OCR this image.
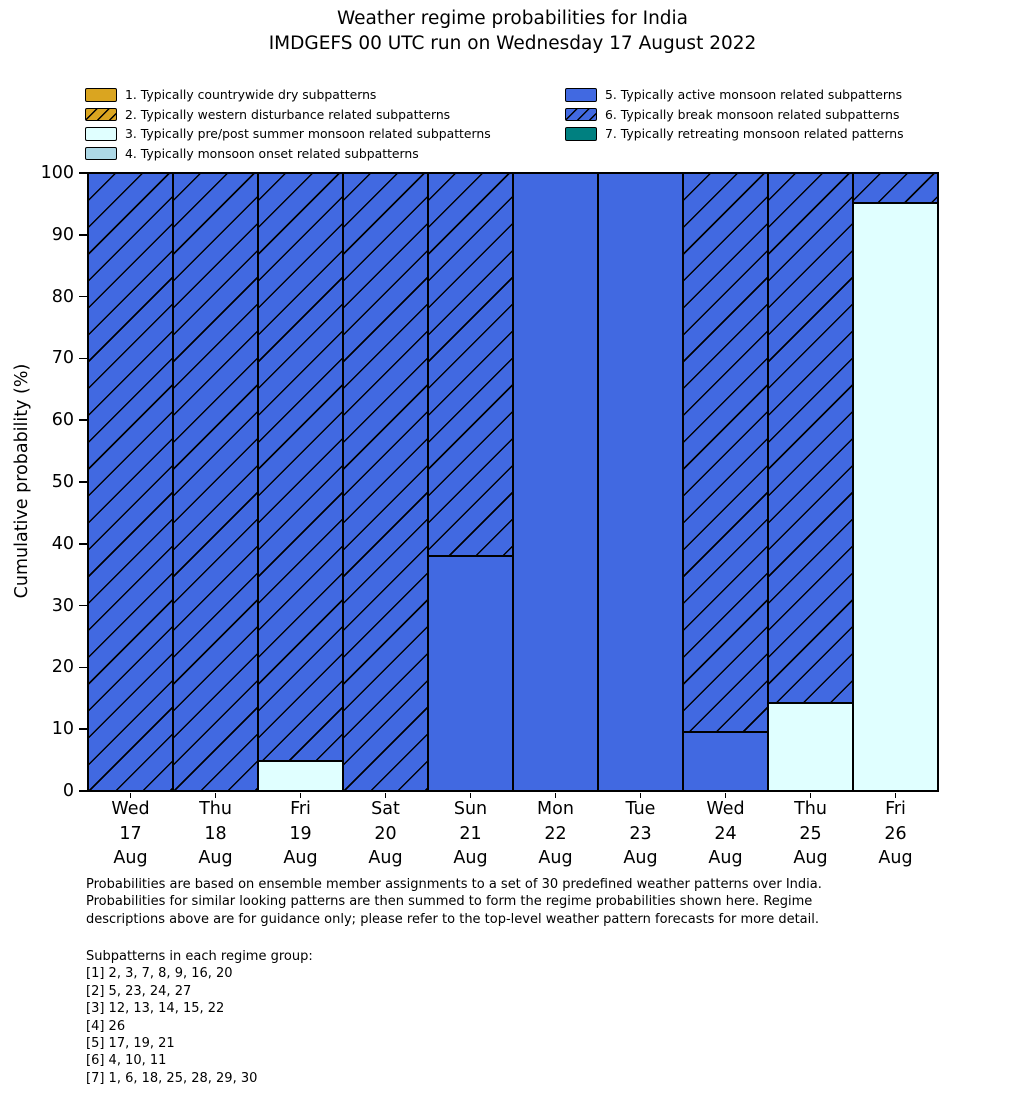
Weather regime probabilities for India
IMDGEFS 00 UTC run on Wednesday 17 August 2022
1. Typically countrywide dry subpatterns
2. Typically western disturbance related subpatterns
3. Typically pre/post summer monsoon related subpatterns
4. Typically monsoon onset related subpatterns
5. Typically active monsoon related subpatterns
6. Typically break monsoon related subpatterns
7. Typically retreating monsoon related patterns
Cumulative probability (%)
Wed
17
Aug
Thu
18
Aug
Fri
19
Aug
Sat
20
Aug
Sun
21
Aug
Mon
22
Aug
Tue
23
Aug
Wed
24
Aug
Thu
25
Aug
Fri
26
Aug
0
10
20
30
40
50
60
70
80
90
100
Probabilities are based on ensemble member assignments to a set of 30 predefined weather patterns over India.
Probabilities for similar looking patterns are then summed to form the regime probabilities shown here. Regime
descriptions above are for guidance only; please refer to the top-level weather pattern forecasts for more detail.
Subpatterns in each regime group:
[1] 2, 3, 7, 8, 9, 16, 20
[2] 5, 23, 24, 27
[3] 12, 13, 14, 15, 22
[4] 26
[5] 17, 19, 21
[6] 4, 10, 11
[7] 1, 6, 18, 25, 28, 29, 30
